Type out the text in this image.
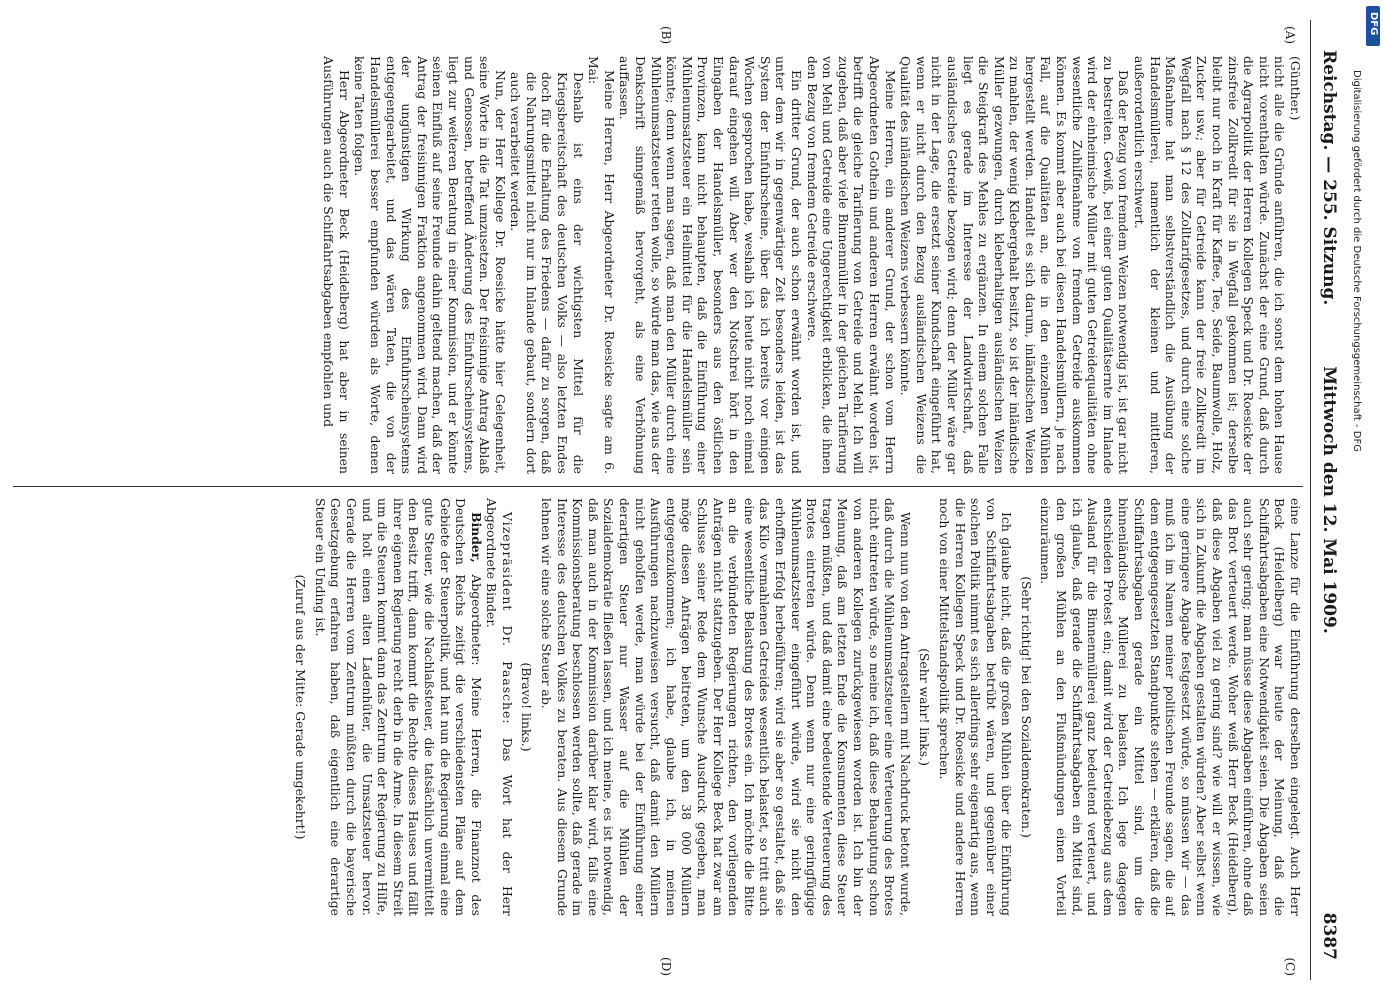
Reichstag. — 255. Sitzung.
Mittwoch den 12. Mai 1909.
8387
(A)
(B)
(C)
(D)

(Günther.)

nicht alle die Gründe anführen, die ich sonst dem hohen Hause nicht vorenthalten würde. Zunächst der eine Grund, daß durch die Agrarpolitik der Herren Kollegen Speck und Dr. Roesicke der zinsfreie Zollkredit für sie in Wegfall gekommen ist; derselbe bleibt nur noch in Kraft für Kaffee, Tee, Seide, Baumwolle, Holz, Zucker usw.; aber für Getreide kann der freie Zollkredit im Wegfall nach § 12 des Zolltarifgesetzes, und durch eine solche Maßnahme hat man selbstverständlich die Ausübung der Handelsmüllerei, namentlich der kleinen und mittleren, außerordentlich erschwert.

Daß der Bezug von fremdem Weizen notwendig ist, ist gar nicht zu bestreiten. Gewiß, bei einer guten Qualitätsernte im Inlande wird der einheimische Müller mit guten Getreidequalitäten ohne wesentliche Zuhilfenahme von fremdem Getreide auskommen können. Es kommt aber auch bei diesen Handelsmüllern, je nach Fall, auf die Qualitäten an, die in den einzelnen Mühlen hergestellt werden. Handelt es sich darum, inländischen Weizen zu mahlen, der wenig Klebergehalt besitzt, so ist der inländische Müller gezwungen, durch kleberhaltigen ausländischen Weizen die Steigkraft des Mehles zu ergänzen. In einem solchen Falle liegt es gerade im Interesse der Landwirtschaft, daß ausländisches Getreide bezogen wird; denn der Müller wäre gar nicht in der Lage, die ersetzt seiner Kundschaft eingeführt hat, wenn er nicht durch den Bezug ausländischen Weizens die Qualität des inländischen Weizens verbessern könnte.

Meine Herren, ein anderer Grund, der schon vom Herrn Abgeordneten Gothein und anderen Herren erwähnt worden ist, betrifft die gleiche Tarifierung von Getreide und Mehl. Ich will zugeben, daß aber viele Binnenmüller in der gleichen Tarifierung von Mehl und Getreide eine Ungerechtigkeit erblicken, die ihnen den Bezug von fremdem Getreide erschwere.

Ein dritter Grund, der auch schon erwähnt worden ist, und unter dem wir in gegenwärtiger Zeit besonders leiden, ist das System der Einfuhrscheine, über das ich bereits vor einigen Wochen gesprochen habe, weshalb ich heute nicht noch einmal darauf eingehen will. Aber wer den Notschrei hört in den Eingaben der Handelsmüller, besonders aus den östlichen Provinzen, kann nicht behaupten, daß die Einführung einer Mühlenumsatzsteuer ein Heilmittel für die Handelsmüller sein könnte; denn wenn man sagen, daß man den Müller durch eine Mühlenumsatzsteuer retten wolle, so würde man das, wie aus der Denkschrift sinngemäß hervorgeht, als eine Verhöhnung auffassen.

Meine Herren, Herr Abgeordneter Dr. Roesicke sagte am 6. Mai:

Deshalb ist eins der wichtigsten Mittel für die Kriegsbereitschaft des deutschen Volks — also letzten Endes doch für die Erhaltung des Friedens — dafür zu sorgen, daß die Nahrungsmittel nicht nur im Inlande gebaut, sondern dort auch verarbeitet werden.

Nun, der Herr Kollege Dr. Roesicke hätte hier Gelegenheit, seine Worte in die Tat umzusetzen. Der freisinnige Antrag Ablaß und Genossen, betreffend Änderung des Einfuhrscheinsystems, liegt zur weiteren Beratung in einer Kommission, und er könnte seinen Einfluß auf seine Freunde dahin geltend machen, daß der Antrag der freisinnigen Fraktion angenommen wird. Dann wird der ungünstigen Wirkung des Einfuhrscheinsystems entgegengearbeitet, und das wären Taten, die von der Handelsmüllerei besser empfunden würden als Worte, denen keine Taten folgen.

Herr Abgeordneter Beck (Heidelberg) hat aber in seinen Ausführungen auch die Schiffahrtsabgaben empfohlen und

eine Lanze für die Einführung derselben eingelegt. Auch Herr Beck (Heidelberg) war heute der Meinung, daß die Schiffahrtsabgaben eine Notwendigkeit seien. Die Abgaben seien auch sehr gering; man müsse diese Abgaben einführen, ohne daß das Brot verteuert werde. Woher weiß Herr Beck (Heidelberg), daß diese Abgaben viel zu gering sind? wie will er wissen, wie sich in Zukunft die Abgaben gestalten würden? Aber selbst wenn eine geringere Abgabe festgesetzt würde, so müssen wir — das muß ich im Namen meiner politischen Freunde sagen, die auf dem entgegengesetzten Standpunkte stehen — erklären, daß die Schiffahrtsabgaben gerade ein Mittel sind, um die binnenländische Müllerei zu belasten. Ich lege dagegen entschieden Protest ein; damit wird der Getreidebezug aus dem Ausland für die Binnenmüllerei ganz bedeutend verteuert, und ich glaube, daß gerade die Schiffahrtsabgaben ein Mittel sind, den großen Mühlen an den Flußmündungen einen Vorteil einzuräumen.

(Sehr richtig! bei den Sozialdemokraten.)

Ich glaube nicht, daß die großen Mühlen über die Einführung von Schiffahrtsabgaben betrübt wären, und gegenüber einer solchen Politik nimmt es sich allerdings sehr eigenartig aus, wenn die Herren Kollegen Speck und Dr. Roesicke und andere Herren noch von einer Mittelstandspolitik sprechen.

(Sehr wahr! links.)

Wenn nun von den Antragstellern mit Nachdruck betont wurde, daß durch die Mühlenumsatzsteuer eine Verteuerung des Brotes nicht eintreten würde, so meine ich, daß diese Behauptung schon von anderen Kollegen zurückgewiesen worden ist. Ich bin der Meinung, daß am letzten Ende die Konsumenten diese Steuer tragen müßten, und daß damit eine bedeutende Verteuerung des Brotes eintreten würde. Denn wenn nur eine geringfügige Mühlenumsatzsteuer eingeführt würde, wird sie nicht den erhofften Erfolg herbeiführen; wird sie aber so gestaltet, daß sie das Kilo vermahlenen Getreides wesentlich belastet, so tritt auch eine wesentliche Belastung des Brotes ein. Ich möchte die Bitte an die verbündeten Regierungen richten, den vorliegenden Anträgen nicht stattzugeben. Der Herr Kollege Beck hat zwar am Schlusse seiner Rede dem Wunsche Ausdruck gegeben, man möge diesen Anträgen beitreten, um den 38 000 Müllern entgegenzukommen; ich habe, glaube ich, in meinen Ausführungen nachzuweisen versucht, daß damit den Müllern nicht geholfen werde, man würde bei der Einführung einer derartigen Steuer nur Wasser auf die Mühlen der Sozialdemokratie fließen lassen, und ich meine, es ist notwendig, daß man auch in der Kommission darüber klar wird, falls eine Kommissionsberatung beschlossen werden sollte, daß gerade im Interesse des deutschen Volkes zu beraten. Aus diesem Grunde lehnen wir eine solche Steuer ab.

(Bravo! links.)

Vizepräsident Dr. Paasche: Das Wort hat der Herr Abgeordnete Binder.

Binder, Abgeordneter: Meine Herren, die Finanznot des Deutschen Reichs zeitigt die verschiedensten Pläne auf dem Gebiete der Steuerpolitik, und hat nun die Regierung einmal eine gute Steuer, wie die Nachlaßsteuer, die tatsächlich unvermittelt den Besitz trifft, dann kommt die Rechte dieses Hauses und fällt ihrer eigenen Regierung recht derb in die Arme. In diesem Streit um die Steuern kommt dann das Zentrum der Regierung zu Hilfe, und holt einen alten Ladenhüter, die Umsatzsteuer hervor. Gerade die Herren vom Zentrum müßten durch die bayerische Gesetzgebung erfahren haben, daß eigentlich eine derartige Steuer ein Unding ist.

(Zuruf aus der Mitte: Gerade umgekehrt!)

Digitalisierung gefördert durch die Deutsche Forschungsgemeinschaft - DFG
DFG
